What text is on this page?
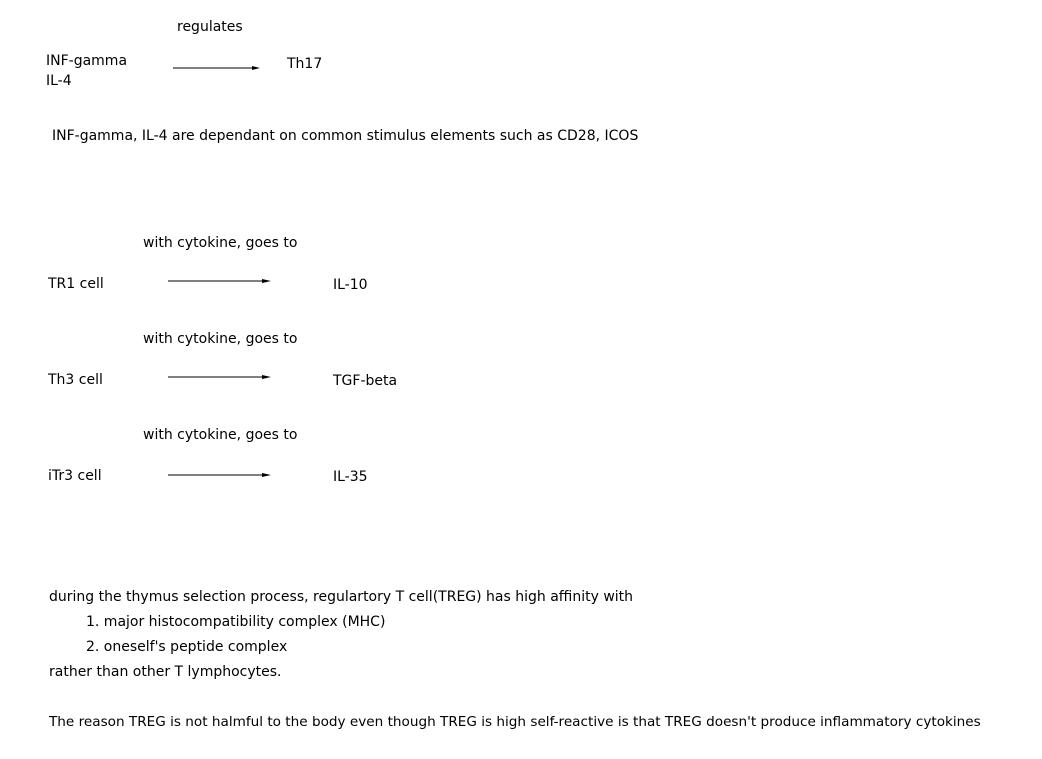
regulates
INF-gamma
IL-4
Th17
INF-gamma, IL-4 are dependant on common stimulus elements such as CD28, ICOS
with cytokine, goes to
TR1 cell	IL-10
with cytokine, goes to
Th3 cell	TGF-beta
with cytokine, goes to
iTr3 cell	IL-35
during the thymus selection process, regulartory T cell(TREG) has high affinity with
1. major histocompatibility complex (MHC)
2. oneself's peptide complex
rather than other T lymphocytes.
The reason TREG is not halmful to the body even though TREG is high self-reactive is that TREG doesn't produce inflammatory cytokines
